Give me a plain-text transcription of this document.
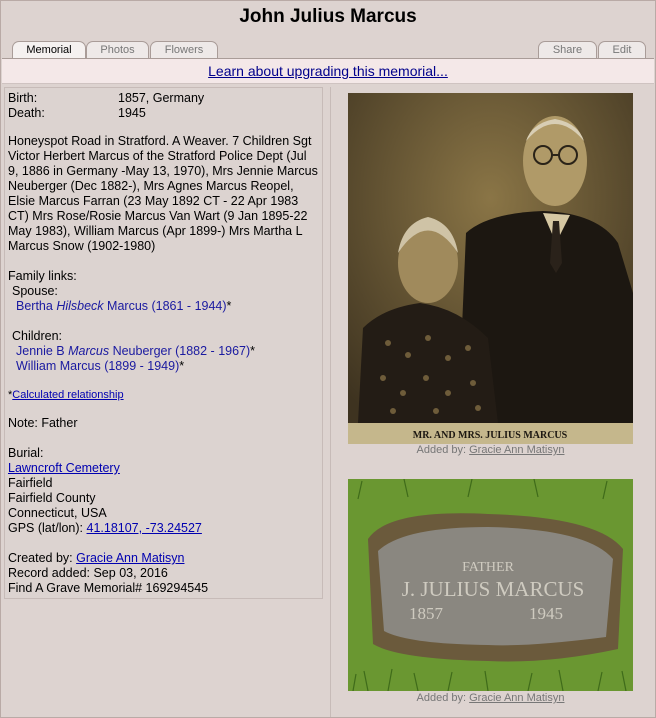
John Julius Marcus
Memorial	Photos	Flowers	Share	Edit
Learn about upgrading this memorial...
Birth:	1857, Germany
Death:	1945
Honeyspot Road in Stratford. A Weaver. 7 Children Sgt Victor Herbert Marcus of the Stratford Police Dept (Jul 9, 1886 in Germany -May 13, 1970), Mrs Jennie Marcus Neuberger (Dec 1882-), Mrs Agnes Marcus Reopel, Elsie Marcus Farran (23 May 1892 CT - 22 Apr 1983 CT) Mrs Rose/Rosie Marcus Van Wart (9 Jan 1895-22 May 1983), William Marcus (Apr 1899-) Mrs Martha L Marcus Snow (1902-1980)
Family links:
Spouse:
Bertha Hilsbeck Marcus (1861 - 1944)*
Children:
Jennie B Marcus Neuberger (1882 - 1967)*
William Marcus (1899 - 1949)*
*Calculated relationship
Note: Father
Burial:
Lawncroft Cemetery
Fairfield
Fairfield County
Connecticut, USA
GPS (lat/lon): 41.18107, -73.24527
Created by: Gracie Ann Matisyn
Record added: Sep 03, 2016
Find A Grave Memorial# 169294545
MR. AND MRS. JULIUS MARCUS
Added by: Gracie Ann Matisyn
FATHER
J. JULIUS MARCUS
1857	1945
Added by: Gracie Ann Matisyn
